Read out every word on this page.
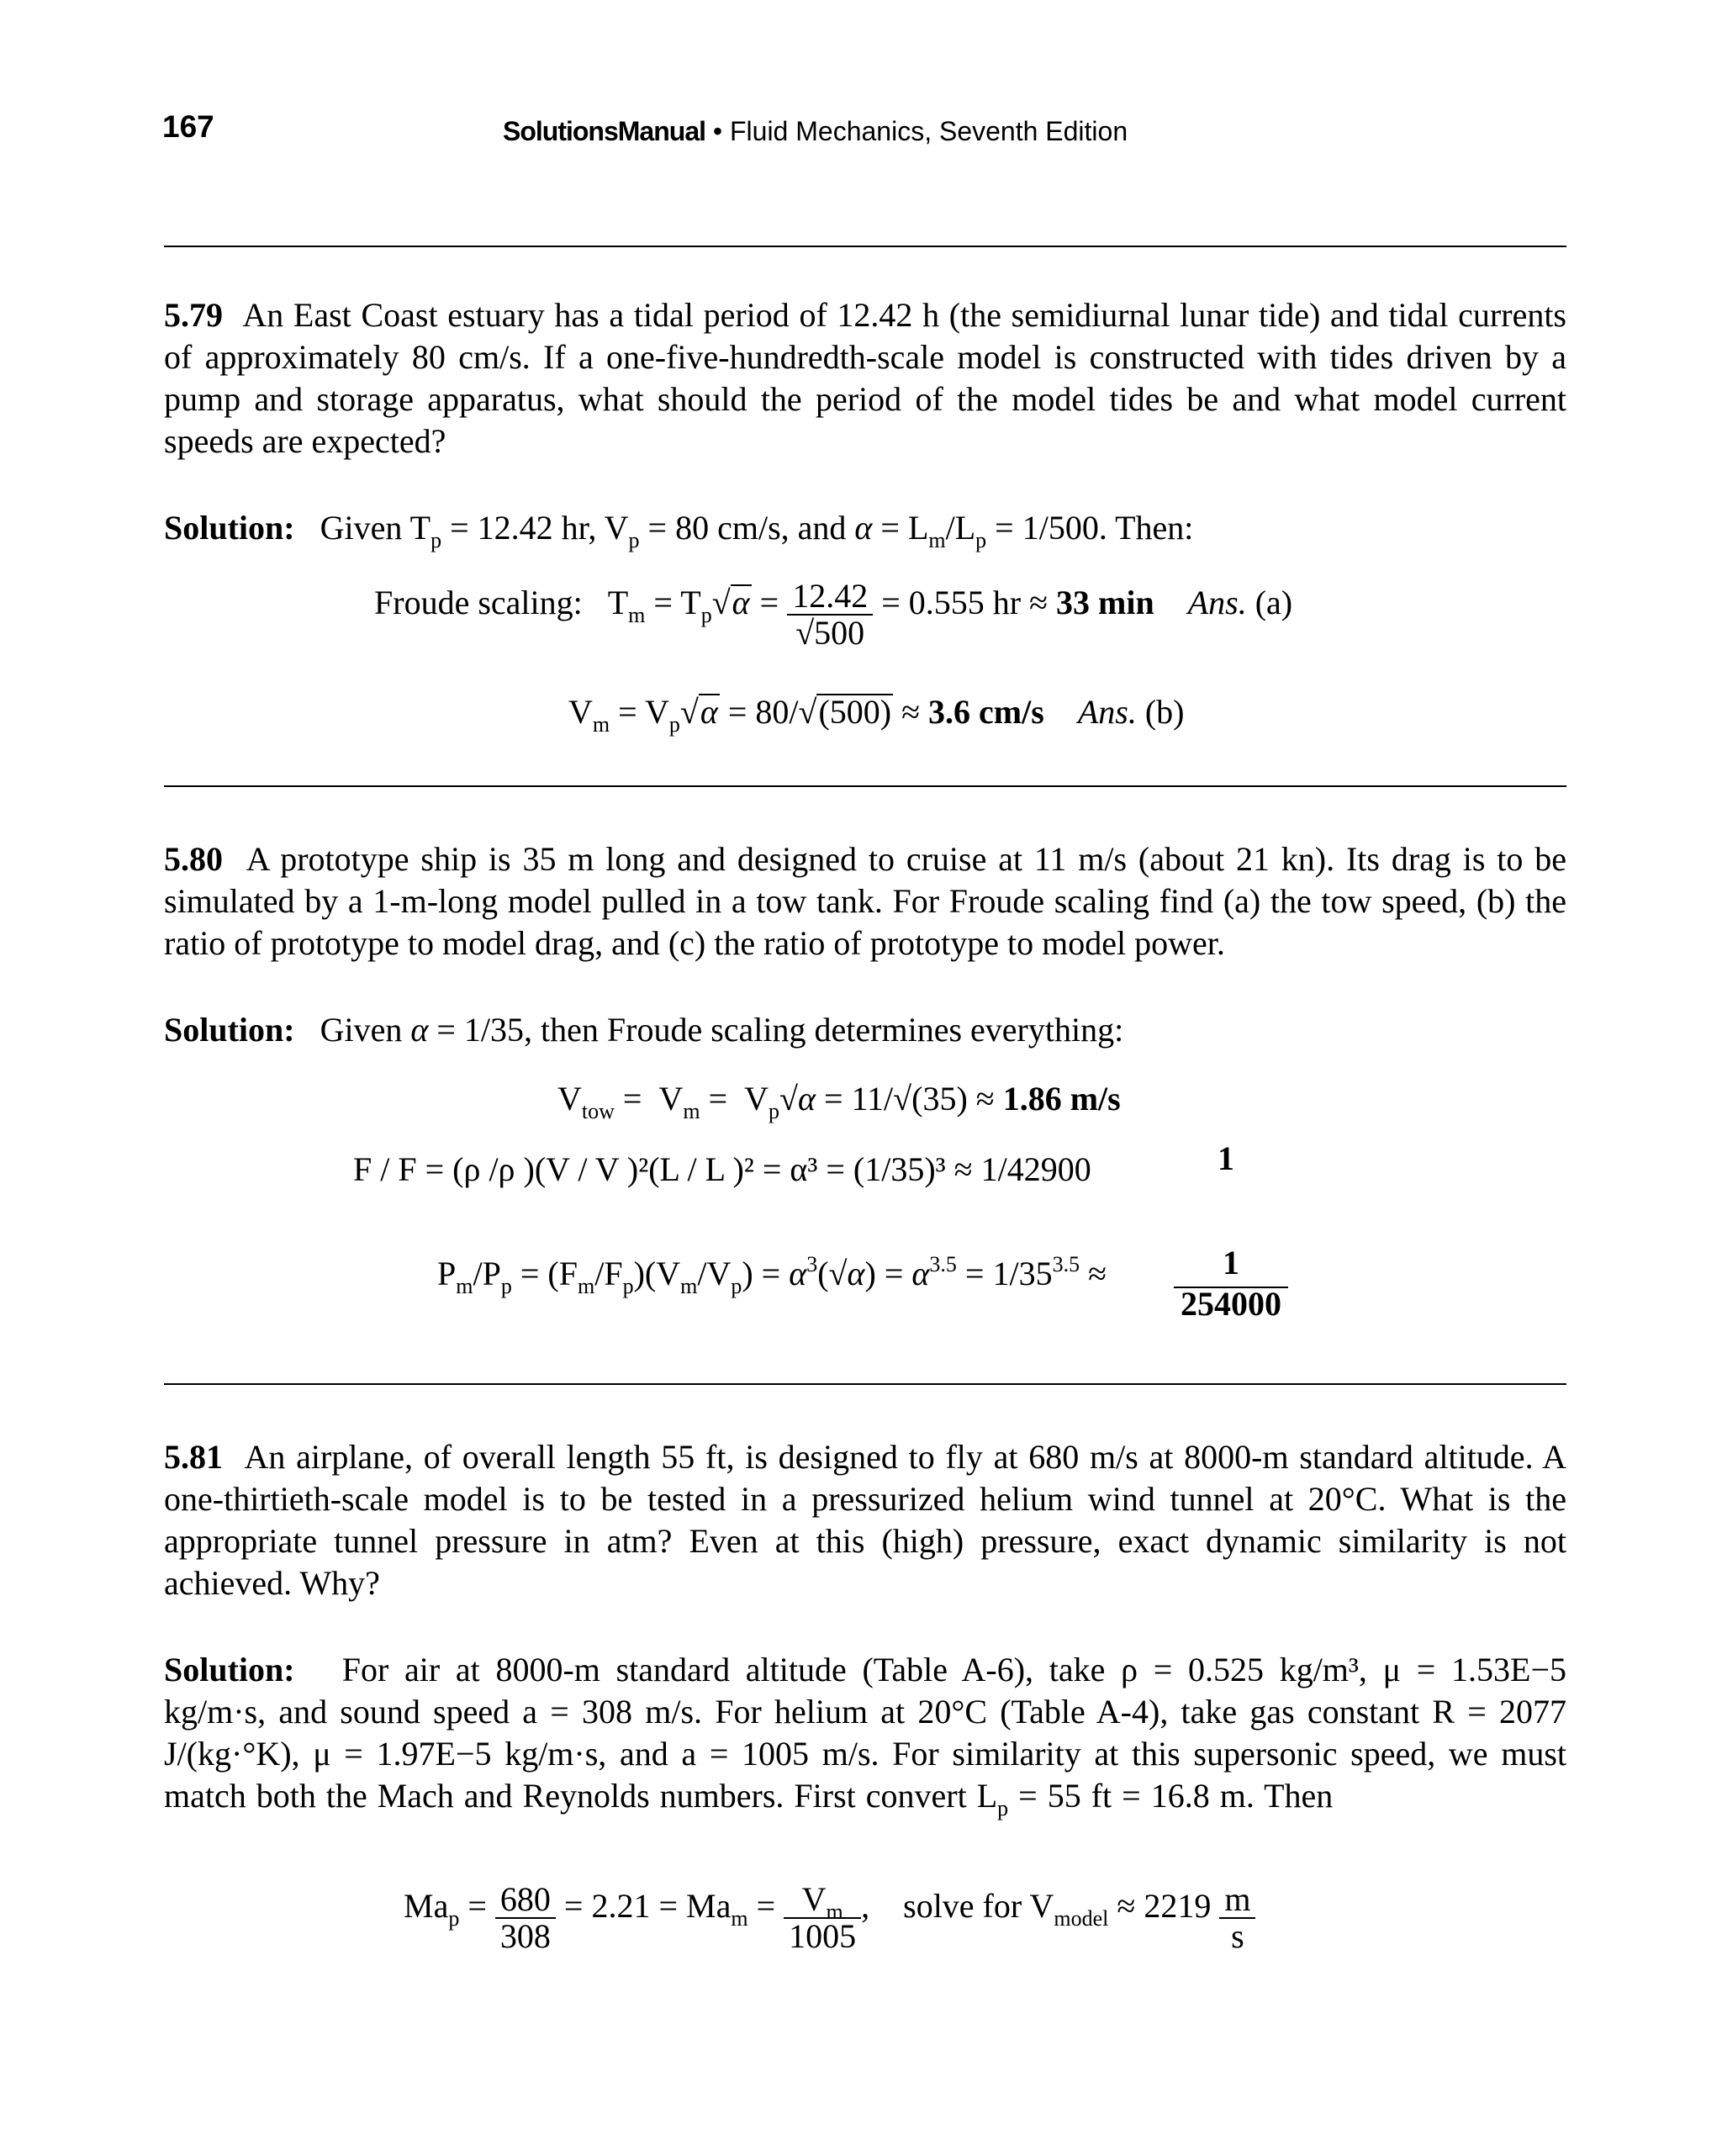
167	SolutionsManual • Fluid Mechanics, Seventh Edition
5.79 An East Coast estuary has a tidal period of 12.42 h (the semidiurnal lunar tide) and tidal currents of approximately 80 cm/s. If a one-five-hundredth-scale model is constructed with tides driven by a pump and storage apparatus, what should the period of the model tides be and what model current speeds are expected?
Solution: Given $T_p = 12.42$ hr, $V_p = 80$ cm/s, and $\alpha = L_m/L_p = 1/500$. Then:
Froude scaling:   $T_m = T_p√\alpha = \frac{12.42}{√500} = 0.555$ hr ≈ 33 min Ans. (a)
$V_m = V_p√\alpha = 80/√(500) \approx 3.6$ cm/s Ans. (b)
5.80 A prototype ship is 35 m long and designed to cruise at 11 m/s (about 21 kn). Its drag is to be simulated by a 1-m-long model pulled in a tow tank. For Froude scaling find (a) the tow speed, (b) the ratio of prototype to model drag, and (c) the ratio of prototype to model power.
Solution: Given α = 1/35, then Froude scaling determines everything:
$V_{tow} = V_m = V_p√\alpha = 11/√(35) \approx 1.86$ m/s
F / F = (ρ /ρ )(V / V )²(L / L )² = α³ = (1/35)³ ≈ 1/42900	1
$P_m/P_p = (F_m/F_p)(V_m/V_p) = \alpha^3(√\alpha) = \alpha^{3.5} = 1/35^{3.5}$ ≈	1
254000
5.81 An airplane, of overall length 55 ft, is designed to fly at 680 m/s at 8000-m standard altitude. A one-thirtieth-scale model is to be tested in a pressurized helium wind tunnel at 20°C. What is the appropriate tunnel pressure in atm? Even at this (high) pressure, exact dynamic similarity is not achieved. Why?
Solution: For air at 8000-m standard altitude (Table A-6), take ρ = 0.525 kg/m³, μ = 1.53E−5 kg/m·s, and sound speed a = 308 m/s. For helium at 20°C (Table A-4), take gas constant R = 2077 J/(kg·°K), μ = 1.97E−5 kg/m·s, and a = 1005 m/s. For similarity at this supersonic speed, we must match both the Mach and Reynolds numbers. First convert $L_p = 55$ ft = 16.8 m. Then
$Ma_p = \frac{680}{308} = 2.21 = Ma_m = \frac{V_m}{1005}$ ,    solve for $V_{model} \approx 2219 \frac{m}{s}$
